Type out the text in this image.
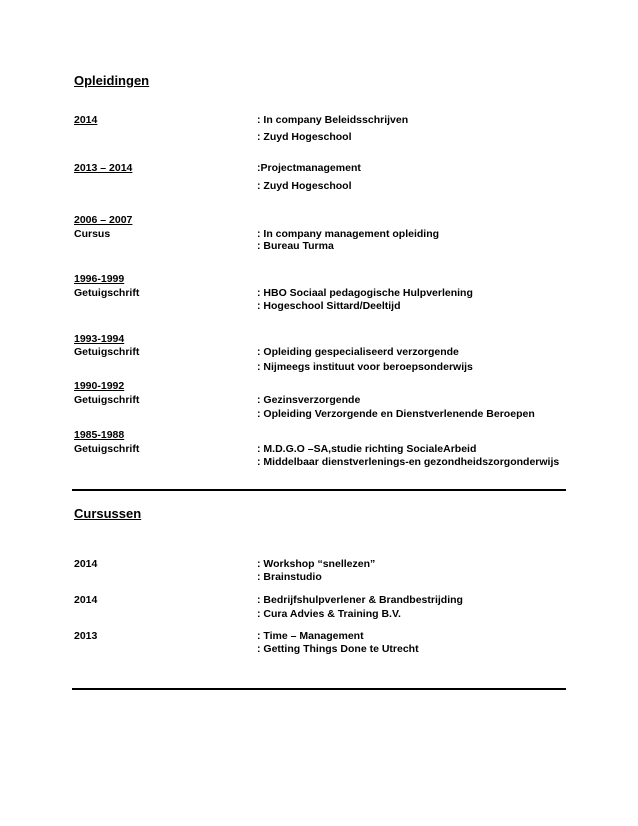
Opleidingen
2014	: In company Beleidsschrijven
: Zuyd Hogeschool
2013 – 2014	:Projectmanagement
: Zuyd Hogeschool
2006 – 2007
Cursus	: In company management opleiding
: Bureau Turma
1996-1999
Getuigschrift	: HBO Sociaal pedagogische Hulpverlening
: Hogeschool Sittard/Deeltijd
1993-1994
Getuigschrift	: Opleiding gespecialiseerd verzorgende
: Nijmeegs instituut voor beroepsonderwijs
1990-1992
Getuigschrift	: Gezinsverzorgende
: Opleiding Verzorgende en Dienstverlenende Beroepen
1985-1988
Getuigschrift	: M.D.G.O –SA,studie richting SocialeArbeid
: Middelbaar dienstverlenings-en gezondheidszorgonderwijs
Cursussen
2014	: Workshop “snellezen”
: Brainstudio
2014	: Bedrijfshulpverlener & Brandbestrijding
: Cura Advies & Training B.V.
2013	: Time – Management
: Getting Things Done te Utrecht
